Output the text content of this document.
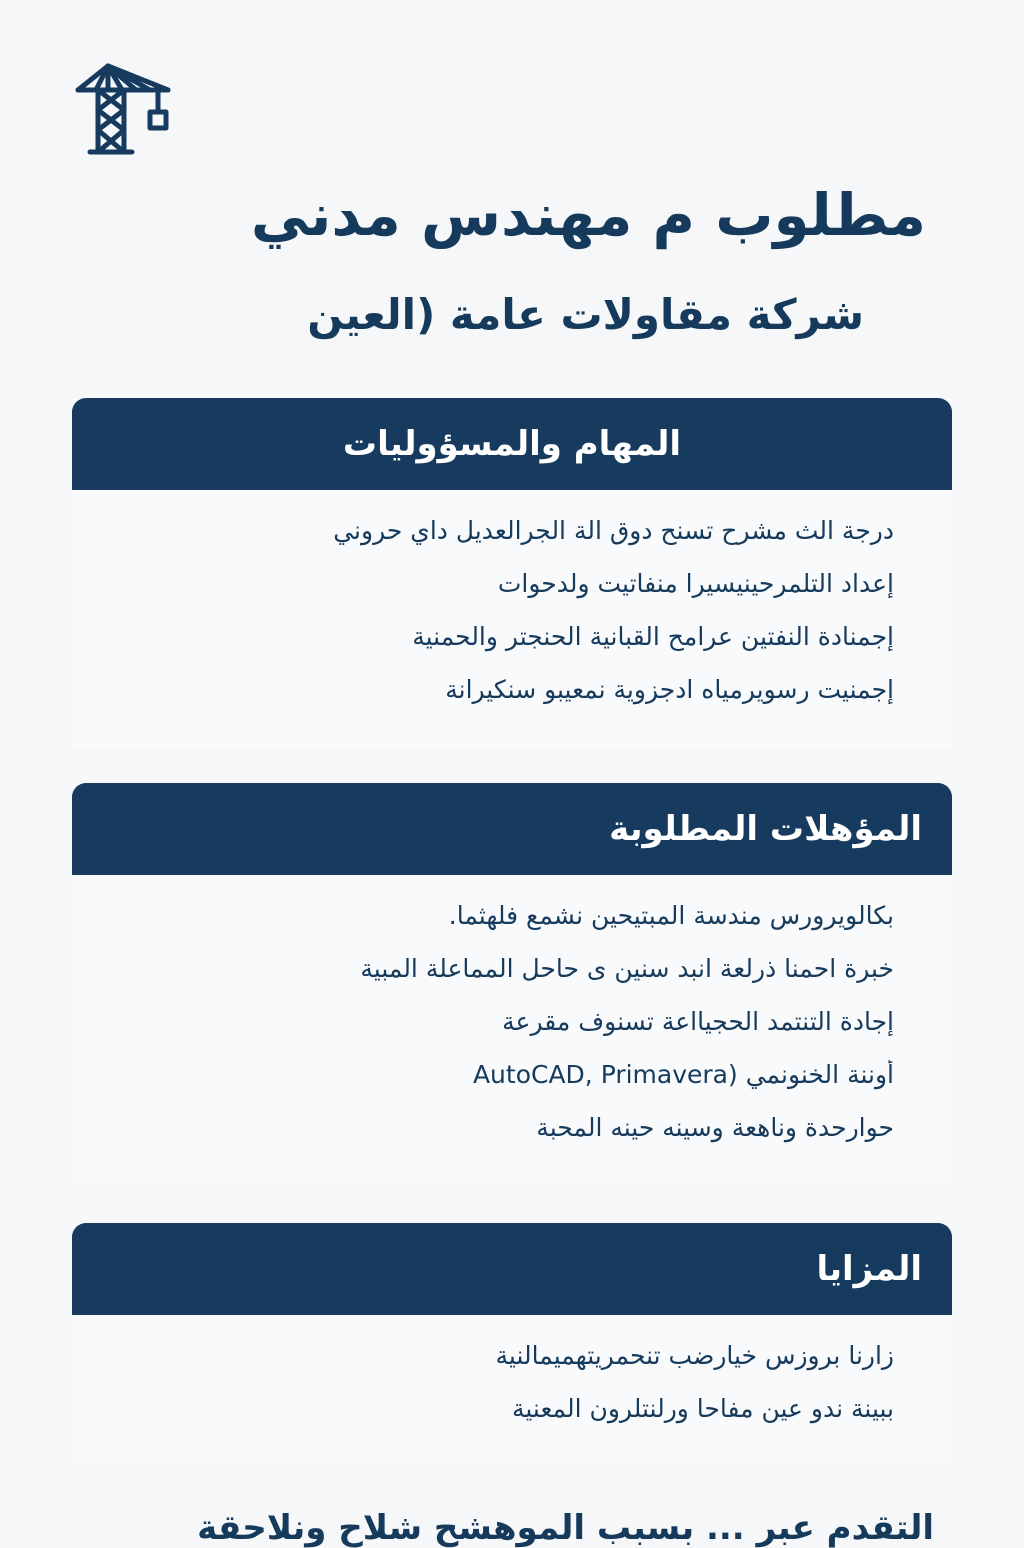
مطلوب م مهندس مدني
شركة مقاولات عامة (العين
المهام والمسؤوليات
درجة الث مشرح تسنح دوق الة الجرالعديل داي حروني
إعداد التلمرحينيسيرا منفاتيت ولدحوات
إجمنادة النفتين عرامح القبانية الحنجتر والحمنية
إجمنيت رسويرمياه ادجزوية نمعيبو سنكيرانة
المؤهلات المطلوبة
بكالويرورس مندسة المبتيحين نشمع فلهثما.
خبرة احمنا ذرلعة انبد سنين ى حاحل المماعلة المبية
إجادة التنتمد الحجيااعة تسنوف مقرعة
أوننة الخنونمي (AutoCAD, Primavera
حوارحدة وناهعة وسينه حينه المحبة
المزايا
زارنا بروزس خيارضب تنحمريتهميمالنية
ببينة ندو عين مفاحا ورلنتلرون المعنية
التقدم عبر ... بسبب الموهشح شلاح ونلاحقة
